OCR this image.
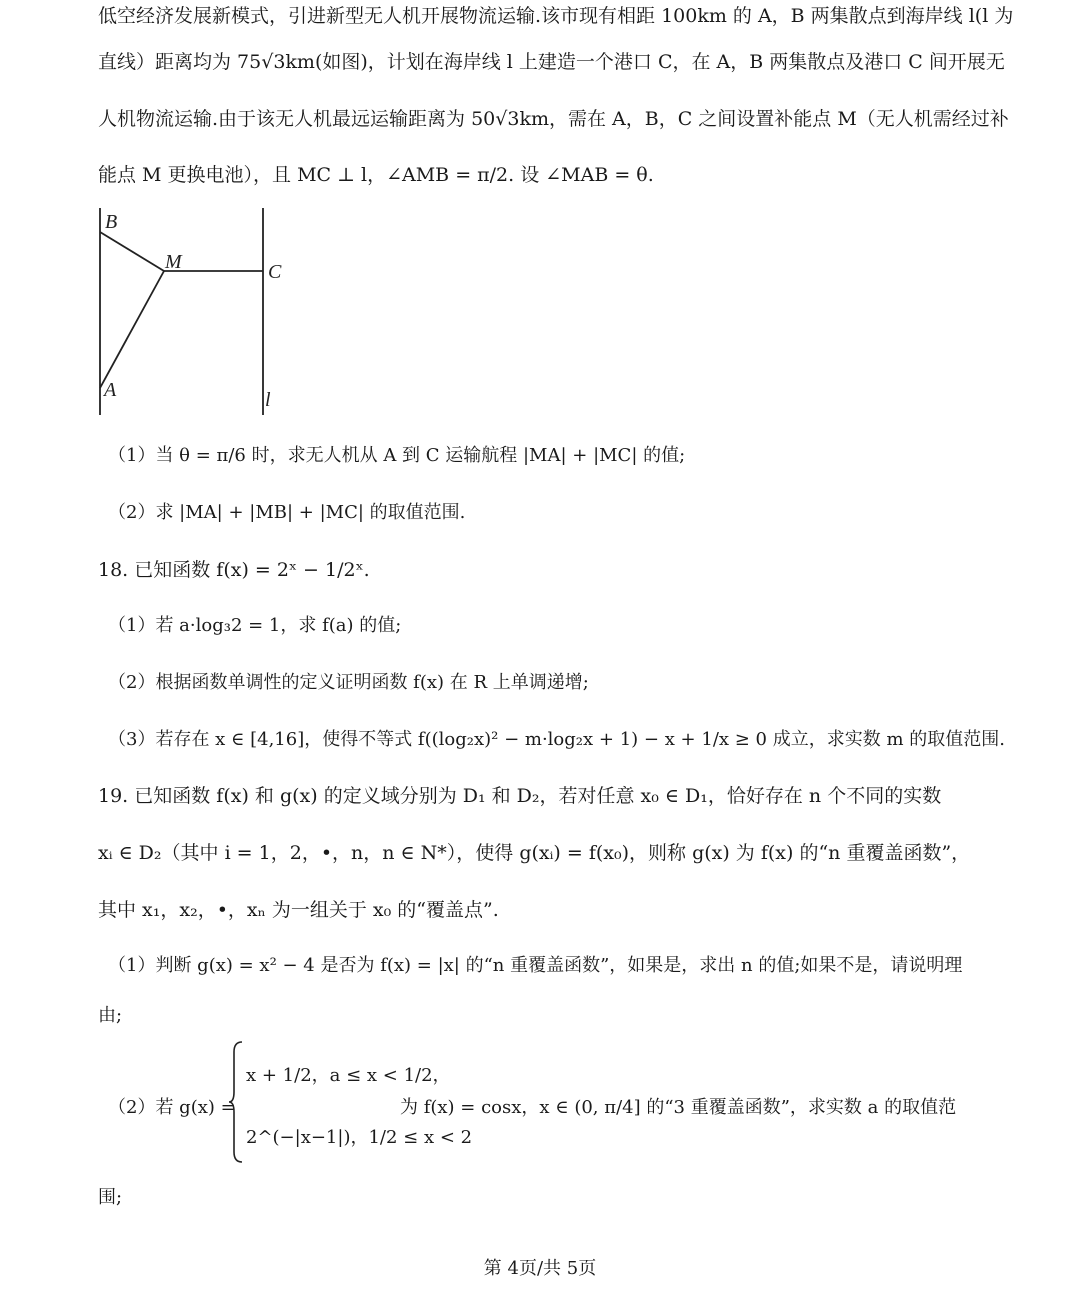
低空经济发展新模式，引进新型无人机开展物流运输.该市现有相距 100km 的 A，B 两集散点到海岸线 l(l 为
直线）距离均为 75√3km(如图)，计划在海岸线 l 上建造一个港口 C，在 A，B 两集散点及港口 C 间开展无
人机物流运输.由于该无人机最远运输距离为 50√3km，需在 A，B，C 之间设置补能点 M（无人机需经过补
能点 M 更换电池），且 MC ⊥ l，∠AMB = π/2. 设 ∠MAB = θ.
B
M	C
A	l
（1）当 θ = π/6 时，求无人机从 A 到 C 运输航程 |MA| + |MC| 的值;
（2）求 |MA| + |MB| + |MC| 的取值范围.
18. 已知函数 f(x) = 2ˣ − 1/2ˣ.
（1）若 a·log₃2 = 1，求 f(a) 的值;
（2）根据函数单调性的定义证明函数 f(x) 在 R 上单调递增;
（3）若存在 x ∈ [4,16]，使得不等式 f((log₂x)² − m·log₂x + 1) − x + 1/x ≥ 0 成立，求实数 m 的取值范围.
19. 已知函数 f(x) 和 g(x) 的定义域分别为 D₁ 和 D₂，若对任意 x₀ ∈ D₁，恰好存在 n 个不同的实数
xᵢ ∈ D₂（其中 i = 1，2，•，n，n ∈ N*），使得 g(xᵢ) = f(x₀)，则称 g(x) 为 f(x) 的“n 重覆盖函数”，
其中 x₁，x₂，•，xₙ 为一组关于 x₀ 的“覆盖点”.
（1）判断 g(x) = x² − 4 是否为 f(x) = |x| 的“n 重覆盖函数”，如果是，求出 n 的值;如果不是，请说明理
由;
（2）若 g(x) =
x + 1/2，a ≤ x < 1/2，
2^(−|x−1|)，1/2 ≤ x < 2
为 f(x) = cosx，x ∈ (0, π/4] 的“3 重覆盖函数”，求实数 a 的取值范
围;
第 4页/共 5页
